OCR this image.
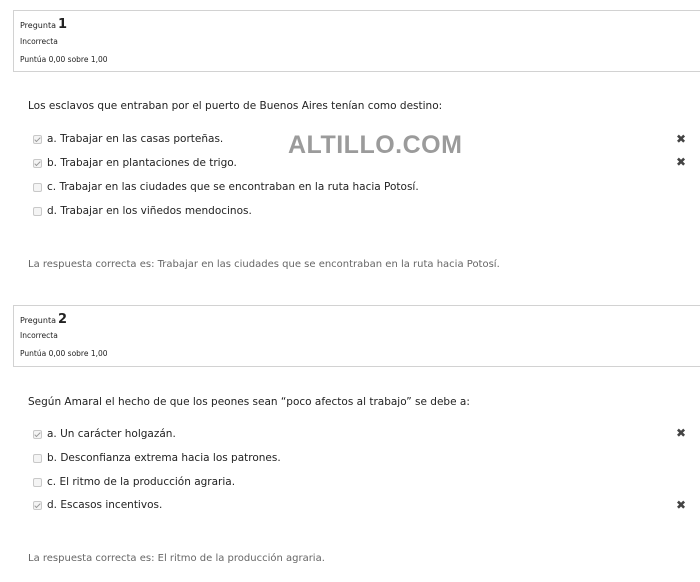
Pregunta 1
Incorrecta
Puntúa 0,00 sobre 1,00
Los esclavos que entraban por el puerto de Buenos Aires tenían como destino:
a. Trabajar en las casas porteñas.	✖
b. Trabajar en plantaciones de trigo.	✖
c. Trabajar en las ciudades que se encontraban en la ruta hacia Potosí.
d. Trabajar en los viñedos mendocinos.
La respuesta correcta es: Trabajar en las ciudades que se encontraban en la ruta hacia Potosí.
Pregunta 2
Incorrecta
Puntúa 0,00 sobre 1,00
Según Amaral el hecho de que los peones sean “poco afectos al trabajo” se debe a:
a. Un carácter holgazán.	✖
b. Desconfianza extrema hacia los patrones.
c. El ritmo de la producción agraria.
d. Escasos incentivos.	✖
La respuesta correcta es: El ritmo de la producción agraria.
ALTILLO.COM
